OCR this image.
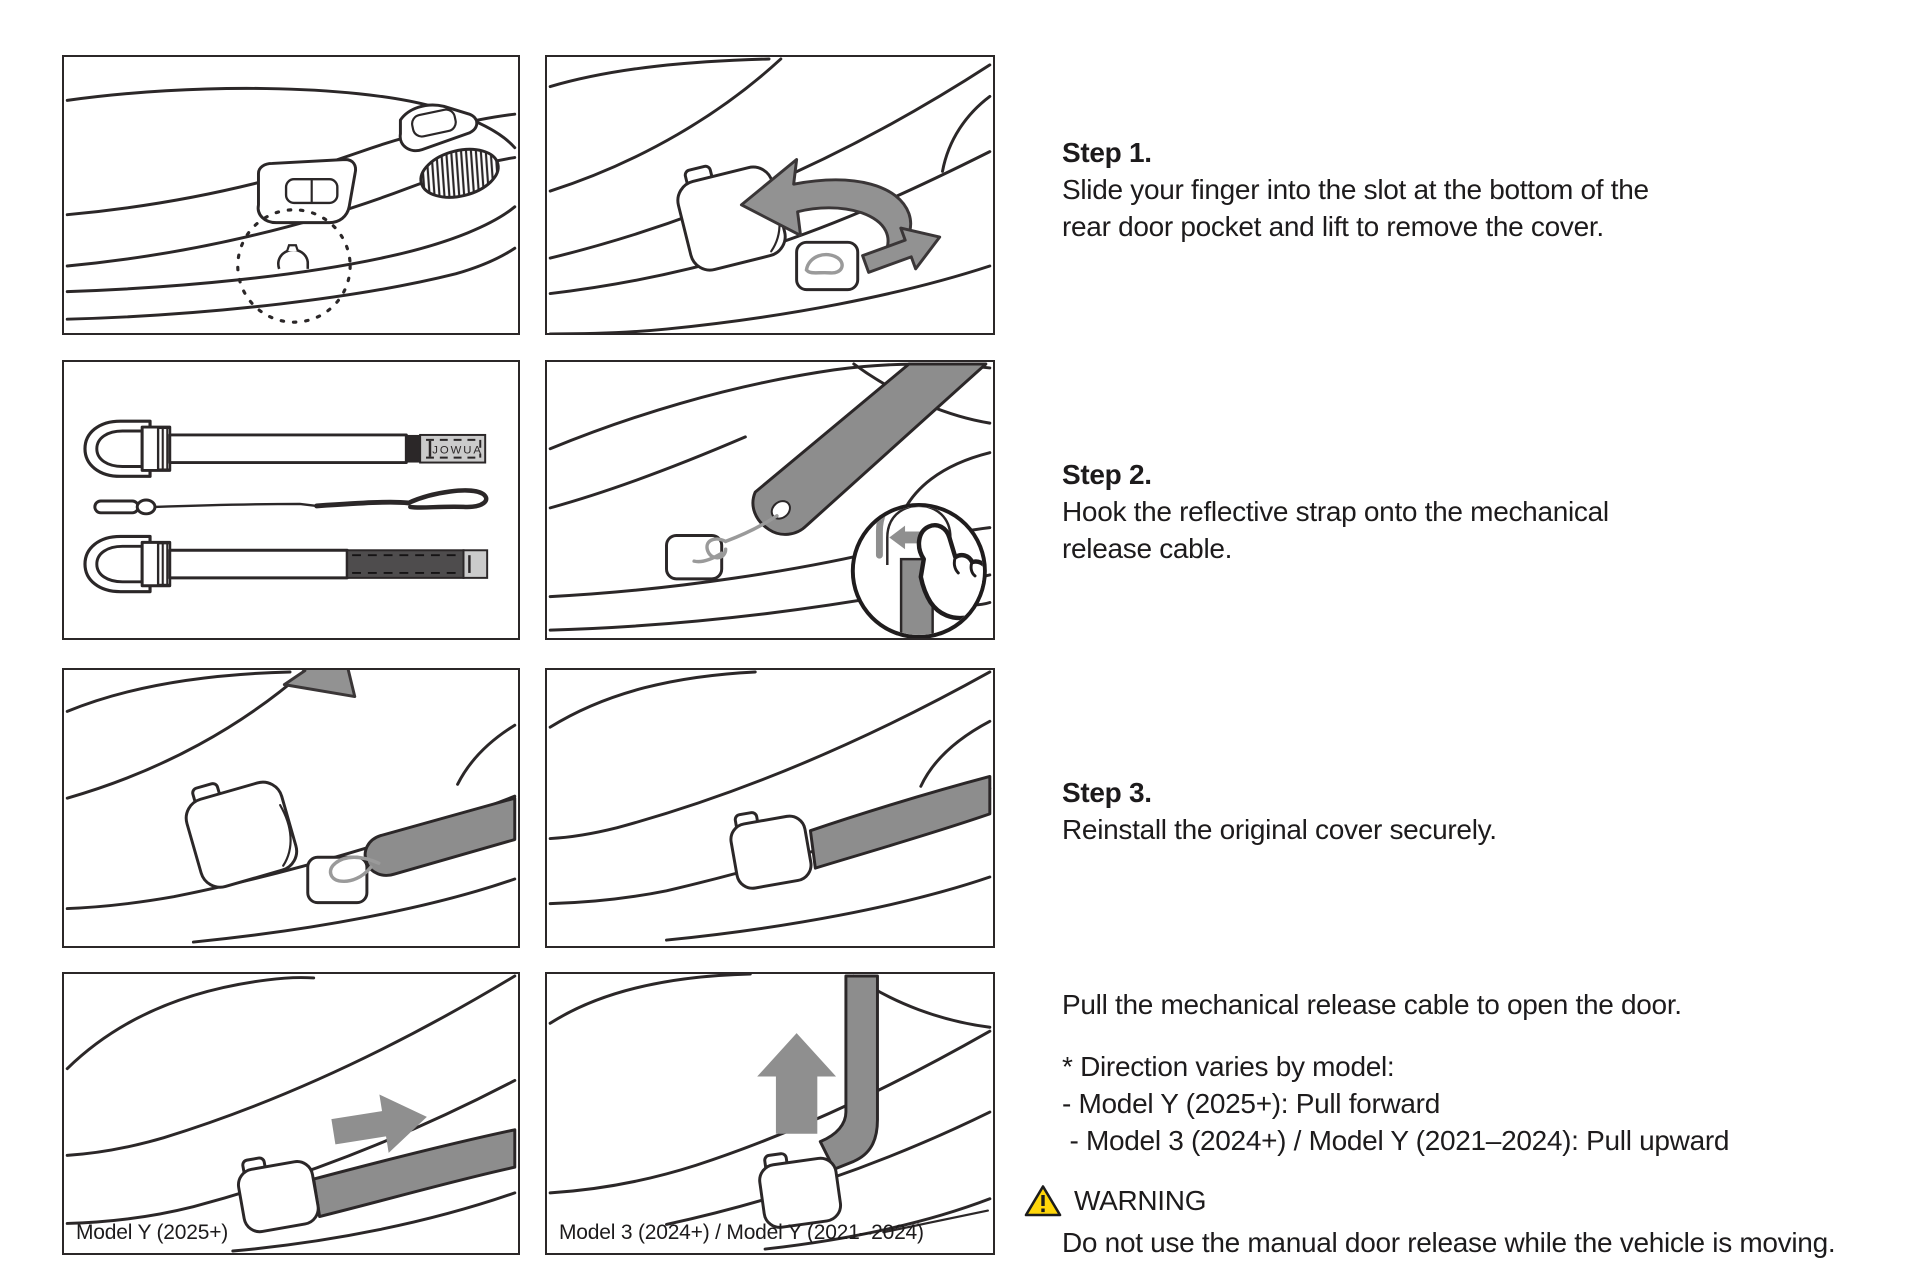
JOWUA
Model Y (2025+)	Model 3 (2024+) / Model Y (2021–2024)
Step 1.
Slide your finger into the slot at the bottom of the
rear door pocket and lift to remove the cover.
Step 2.
Hook the reflective strap onto the mechanical
release cable.
Step 3.
Reinstall the original cover securely.
Pull the mechanical release cable to open the door.
* Direction varies by model:
- Model Y (2025+): Pull forward
- Model 3 (2024+) / Model Y (2021–2024): Pull upward
WARNING
Do not use the manual door release while the vehicle is moving.
